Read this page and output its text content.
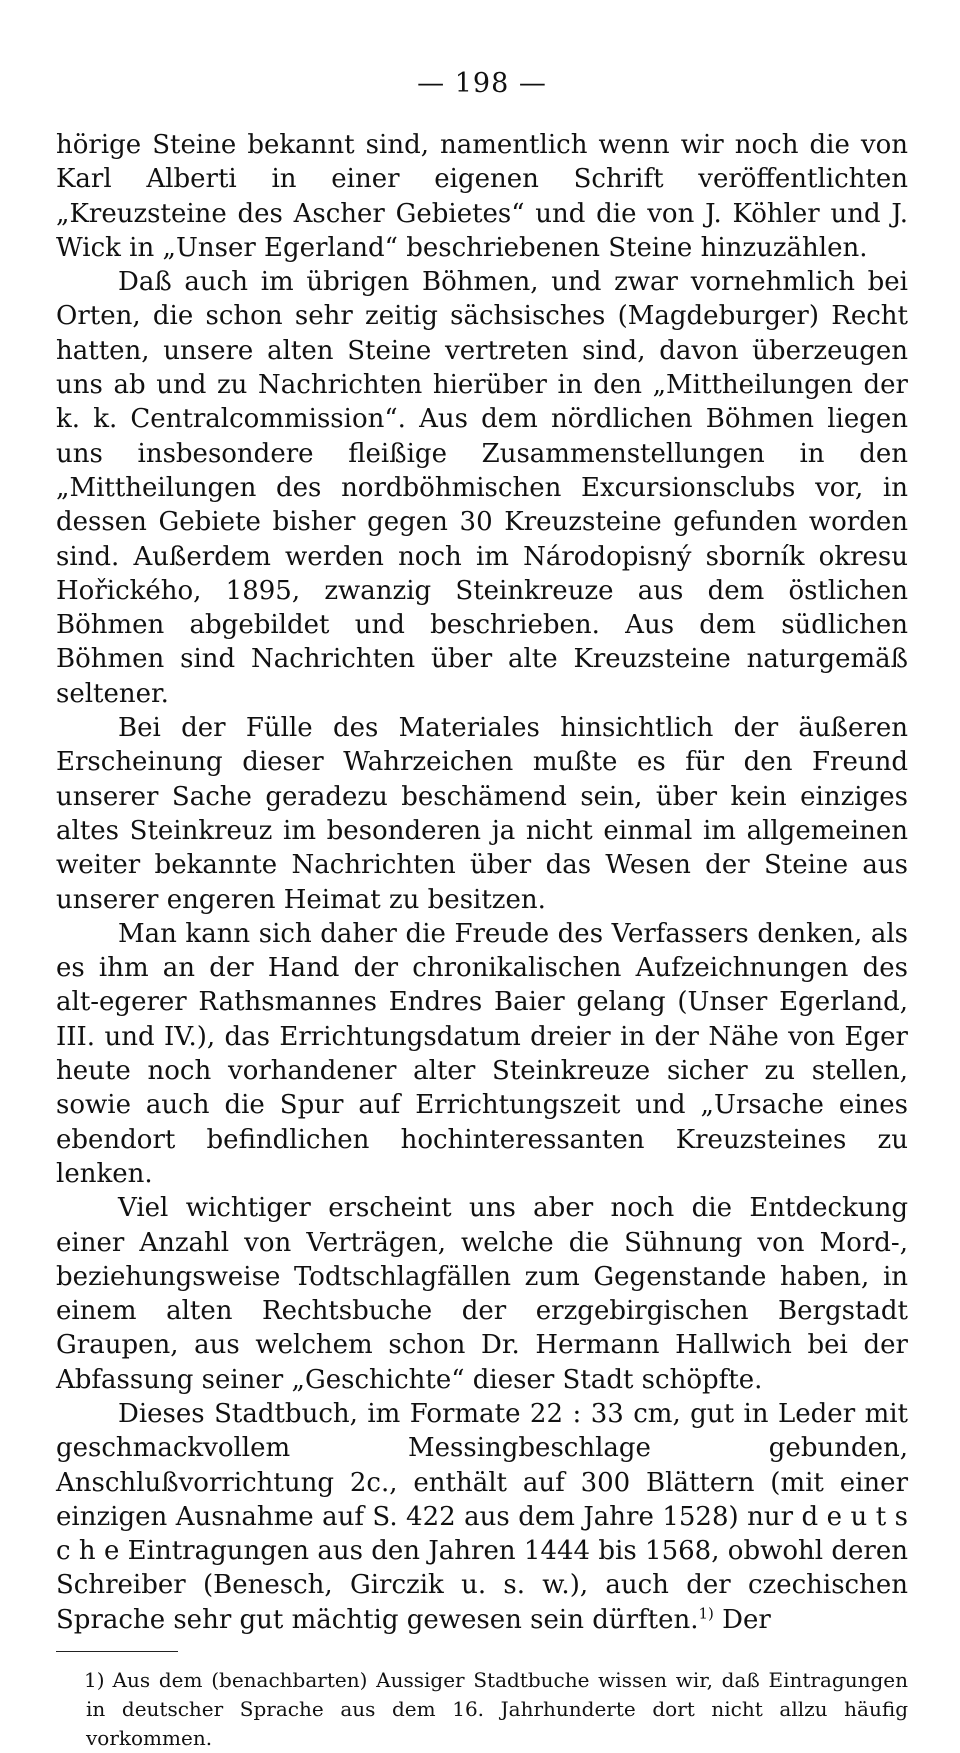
— 198 —

hörige Steine bekannt sind, namentlich wenn wir noch die von Karl Alberti in einer eigenen Schrift veröffentlichten „Kreuzsteine des Ascher Gebietes“ und die von J. Köhler und J. Wick in „Unser Egerland“ beschriebenen Steine hinzuzählen.

Daß auch im übrigen Böhmen, und zwar vornehmlich bei Orten, die schon sehr zeitig sächsisches (Magdeburger) Recht hatten, unsere alten Steine vertreten sind, davon überzeugen uns ab und zu Nachrichten hierüber in den „Mittheilungen der k. k. Centralcommission“. Aus dem nördlichen Böhmen liegen uns insbesondere fleißige Zusammenstellungen in den „Mittheilungen des nordböhmischen Excursionsclubs vor, in dessen Gebiete bisher gegen 30 Kreuzsteine gefunden worden sind. Außerdem werden noch im Národopisný sborník okresu Hořického, 1895, zwanzig Steinkreuze aus dem östlichen Böhmen abgebildet und beschrieben. Aus dem südlichen Böhmen sind Nachrichten über alte Kreuzsteine naturgemäß seltener.

Bei der Fülle des Materiales hinsichtlich der äußeren Erscheinung dieser Wahrzeichen mußte es für den Freund unserer Sache geradezu beschämend sein, über kein einziges altes Steinkreuz im besonderen ja nicht einmal im allgemeinen weiter bekannte Nachrichten über das Wesen der Steine aus unserer engeren Heimat zu besitzen.

Man kann sich daher die Freude des Verfassers denken, als es ihm an der Hand der chronikalischen Aufzeichnungen des alt-egerer Rathsmannes Endres Baier gelang (Unser Egerland, III. und IV.), das Errichtungsdatum dreier in der Nähe von Eger heute noch vorhandener alter Steinkreuze sicher zu stellen, sowie auch die Spur auf Errichtungszeit und „Ursache eines ebendort befindlichen hochinteressanten Kreuzsteines zu lenken.

Viel wichtiger erscheint uns aber noch die Entdeckung einer Anzahl von Verträgen, welche die Sühnung von Mord-, beziehungsweise Todtschlagfällen zum Gegenstande haben, in einem alten Rechtsbuche der erzgebirgischen Bergstadt Graupen, aus welchem schon Dr. Hermann Hallwich bei der Abfassung seiner „Geschichte“ dieser Stadt schöpfte.

Dieses Stadtbuch, im Formate 22 : 33 cm, gut in Leder mit geschmackvollem Messingbeschlage gebunden, Anschlußvorrichtung 2c., enthält auf 300 Blättern (mit einer einzigen Ausnahme auf S. 422 aus dem Jahre 1528) nur d e u t s c h e Eintragungen aus den Jahren 1444 bis 1568, obwohl deren Schreiber (Benesch, Girczik u. s. w.), auch der czechischen Sprache sehr gut mächtig gewesen sein dürften.$^{1)}$ Der

1) Aus dem (benachbarten) Aussiger Stadtbuche wissen wir, daß Eintragungen in deutscher Sprache aus dem 16. Jahrhunderte dort nicht allzu häufig vorkommen.
